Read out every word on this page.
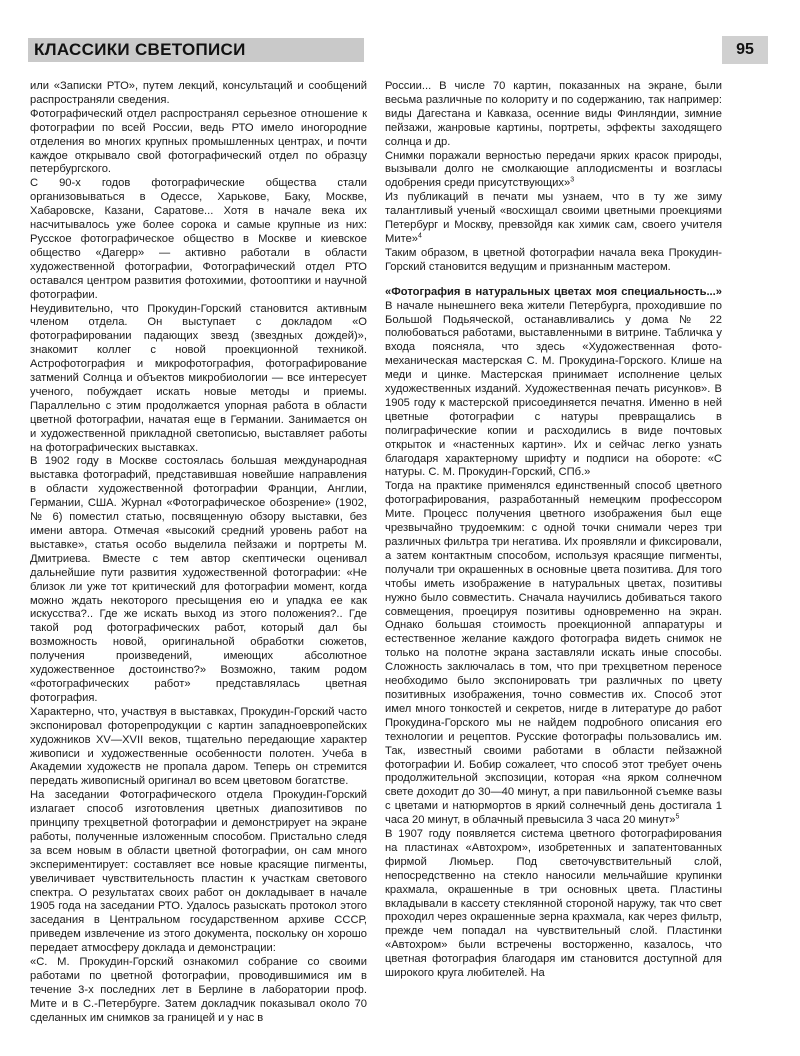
КЛАССИКИ СВЕТОПИСИ	95

или «Записки РТО», путем лекций, консультаций и сообщений распространяли сведения.

Фотографический отдел распространял серьезное отношение к фотографии по всей России, ведь РТО имело иногородние отделения во многих крупных промышленных центрах, и почти каждое открывало свой фотографический отдел по образцу петербургского.

С 90-х годов фотографические общества стали организовываться в Одессе, Харькове, Баку, Москве, Хабаровске, Казани, Саратове... Хотя в начале века их насчитывалось уже более сорока и самые крупные из них: Русское фотографическое общество в Москве и киевское общество «Дагерр» — активно работали в области художественной фотографии, Фотографический отдел РТО оставался центром развития фотохимии, фотооптики и научной фотографии.

Неудивительно, что Прокудин-Горский становится активным членом отдела. Он выступает с докладом «О фотографировании падающих звезд (звездных дождей)», знакомит коллег с новой проекционной техникой. Астрофотография и микрофотография, фотографирование затмений Солнца и объектов микробиологии — все интересует ученого, побуждает искать новые методы и приемы. Параллельно с этим продолжается упорная работа в области цветной фотографии, начатая еще в Германии. Занимается он и художественной прикладной светописью, выставляет работы на фотографических выставках.

В 1902 году в Москве состоялась большая международная выставка фотографий, представившая новейшие направления в области художественной фотографии Франции, Англии, Германии, США. Журнал «Фотографическое обозрение» (1902, № 6) поместил статью, посвященную обзору выставки, без имени автора. Отмечая «высокий средний уровень работ на выставке», статья особо выделила пейзажи и портреты М. Дмитриева. Вместе с тем автор скептически оценивал дальнейшие пути развития художественной фотографии: «Не близок ли уже тот критический для фотографии момент, когда можно ждать некоторого пресыщения ею и упадка ее как искусства?.. Где же искать выход из этого положения?.. Где такой род фотографических работ, который дал бы возможность новой, оригинальной обработки сюжетов, получения произведений, имеющих абсолютное художественное достоинство?» Возможно, таким родом «фотографических работ» представлялась цветная фотография.

Характерно, что, участвуя в выставках, Прокудин-Горский часто экспонировал фоторепродукции с картин западноевропейских художников XV—XVII веков, тщательно передающие характер живописи и художественные особенности полотен. Учеба в Академии художеств не пропала даром. Теперь он стремится передать живописный оригинал во всем цветовом богатстве.

На заседании Фотографического отдела Прокудин-Горский излагает способ изготовления цветных диапозитивов по принципу трехцветной фотографии и демонстрирует на экране работы, полученные изложенным способом. Пристально следя за всем новым в области цветной фотографии, он сам много экспериментирует: составляет все новые красящие пигменты, увеличивает чувствительность пластин к участкам светового спектра. О результатах своих работ он докладывает в начале 1905 года на заседании РТО. Удалось разыскать протокол этого заседания в Центральном государственном архиве СССР, приведем извлечение из этого документа, поскольку он хорошо передает атмосферу доклада и демонстрации:

«С. М. Прокудин-Горский ознакомил собрание со своими работами по цветной фотографии, проводившимися им в течение 3-х последних лет в Берлине в лаборатории проф. Мите и в С.-Петербурге. Затем докладчик показывал около 70 сделанных им снимков за границей и у нас в

России... В числе 70 картин, показанных на экране, были весьма различные по колориту и по содержанию, так например: виды Дагестана и Кавказа, осенние виды Финляндии, зимние пейзажи, жанровые картины, портреты, эффекты заходящего солнца и др.

Снимки поражали верностью передачи ярких красок природы, вызывали долго не смолкающие аплодисменты и возгласы одобрения среди присутствующих»$^3$

Из публикаций в печати мы узнаем, что в ту же зиму талантливый ученый «восхищал своими цветными проекциями Петербург и Москву, превзойдя как химик сам, своего учителя Мите»$^4$

Таким образом, в цветной фотографии начала века Прокудин-Горский становится ведущим и признанным мастером.

«Фотография в натуральных цветах моя специальность...» В начале нынешнего века жители Петербурга, проходившие по Большой Подьяческой, останавливались у дома № 22 полюбоваться работами, выставленными в витрине. Табличка у входа поясняла, что здесь «Художественная фото-механическая мастерская С. М. Прокудина-Горского. Клише на меди и цинке. Мастерская принимает исполнение целых художественных изданий. Художественная печать рисунков». В 1905 году к мастерской присоединяется печатня. Именно в ней цветные фотографии с натуры превращались в полиграфические копии и расходились в виде почтовых открыток и «настенных картин». Их и сейчас легко узнать благодаря характерному шрифту и подписи на обороте: «С натуры. С. М. Прокудин-Горский, СПб.»

Тогда на практике применялся единственный способ цветного фотографирования, разработанный немецким профессором Мите. Процесс получения цветного изображения был еще чрезвычайно трудоемким: с одной точки снимали через три различных фильтра три негатива. Их проявляли и фиксировали, а затем контактным способом, используя красящие пигменты, получали три окрашенных в основные цвета позитива. Для того чтобы иметь изображение в натуральных цветах, позитивы нужно было совместить. Сначала научились добиваться такого совмещения, проецируя позитивы одновременно на экран. Однако большая стоимость проекционной аппаратуры и естественное желание каждого фотографа видеть снимок не только на полотне экрана заставляли искать иные способы. Сложность заключалась в том, что при трехцветном переносе необходимо было экспонировать три различных по цвету позитивных изображения, точно совместив их. Способ этот имел много тонкостей и секретов, нигде в литературе до работ Прокудина-Горского мы не найдем подробного описания его технологии и рецептов. Русские фотографы пользовались им. Так, известный своими работами в области пейзажной фотографии И. Бобир сожалеет, что способ этот требует очень продолжительной экспозиции, которая «на ярком солнечном свете доходит до 30—40 минут, а при павильонной съемке вазы с цветами и натюрмортов в яркий солнечный день достигала 1 часа 20 минут, в облачный превысила 3 часа 20 минут»$^5$

В 1907 году появляется система цветного фотографирования на пластинах «Автохром», изобретенных и запатентованных фирмой Люмьер. Под светочувствительный слой, непосредственно на стекло наносили мельчайшие крупинки крахмала, окрашенные в три основных цвета. Пластины вкладывали в кассету стеклянной стороной наружу, так что свет проходил через окрашенные зерна крахмала, как через фильтр, прежде чем попадал на чувствительный слой. Пластинки «Автохром» были встречены восторженно, казалось, что цветная фотография благодаря им становится доступной для широкого круга любителей. На
